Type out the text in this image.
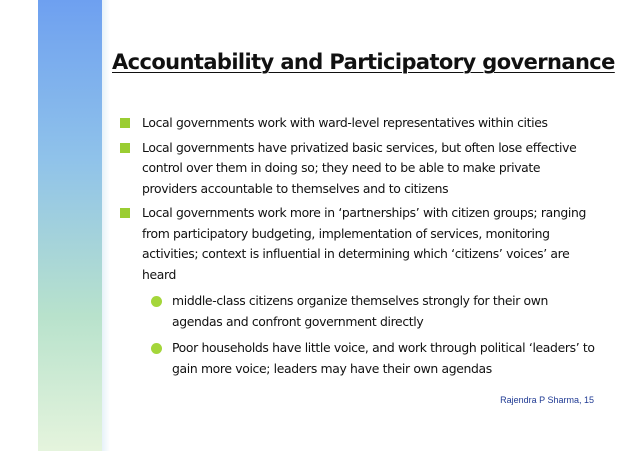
Accountability and Participatory governance
Local governments work with ward-level representatives within cities
Local governments have privatized basic services, but often lose effective control over them in doing so; they need to be able to make private providers accountable to themselves and to citizens
Local governments work more in ‘partnerships’ with citizen groups; ranging from participatory budgeting, implementation of services, monitoring activities; context is influential in determining which ‘citizens’ voices’ are heard
middle-class citizens organize themselves strongly for their own agendas and confront government directly
Poor households have little voice, and work through political ‘leaders’ to gain more voice; leaders may have their own agendas
Rajendra P Sharma, 15
